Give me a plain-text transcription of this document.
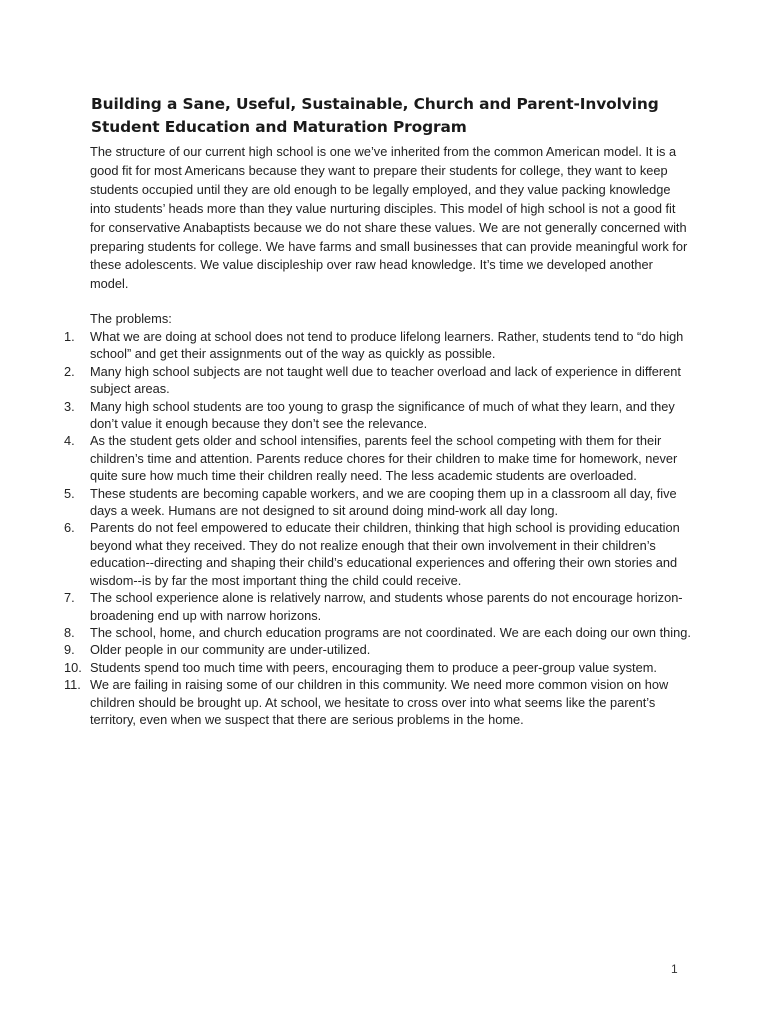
Building a Sane, Useful, Sustainable, Church and Parent-Involving Student Education and Maturation Program

The structure of our current high school is one we’ve inherited from the common American model. It is a good fit for most Americans because they want to prepare their students for college, they want to keep students occupied until they are old enough to be legally employed, and they value packing knowledge into students’ heads more than they value nurturing disciples. This model of high school is not a good fit for conservative Anabaptists because we do not share these values. We are not generally concerned with preparing students for college. We have farms and small businesses that can provide meaningful work for these adolescents. We value discipleship over raw head knowledge. It’s time we developed another model.

The problems:

1.	What we are doing at school does not tend to produce lifelong learners. Rather, students tend to “do high school” and get their assignments out of the way as quickly as possible.
2.	Many high school subjects are not taught well due to teacher overload and lack of experience in different subject areas.
3.	Many high school students are too young to grasp the significance of much of what they learn, and they don’t value it enough because they don’t see the relevance.
4.	As the student gets older and school intensifies, parents feel the school competing with them for their children’s time and attention. Parents reduce chores for their children to make time for homework, never quite sure how much time their children really need. The less academic students are overloaded.
5.	These students are becoming capable workers, and we are cooping them up in a classroom all day, five days a week. Humans are not designed to sit around doing mind-work all day long.
6.	Parents do not feel empowered to educate their children, thinking that high school is providing education beyond what they received. They do not realize enough that their own involvement in their children’s education--directing and shaping their child’s educational experiences and offering their own stories and wisdom--is by far the most important thing the child could receive.
7.	The school experience alone is relatively narrow, and students whose parents do not encourage horizon-broadening end up with narrow horizons.
8.	The school, home, and church education programs are not coordinated. We are each doing our own thing.
9.	Older people in our community are under-utilized.
10. Students spend too much time with peers, encouraging them to produce a peer-group value system.
11. We are failing in raising some of our children in this community. We need more common vision on how children should be brought up. At school, we hesitate to cross over into what seems like the parent’s territory, even when we suspect that there are serious problems in the home.
1
